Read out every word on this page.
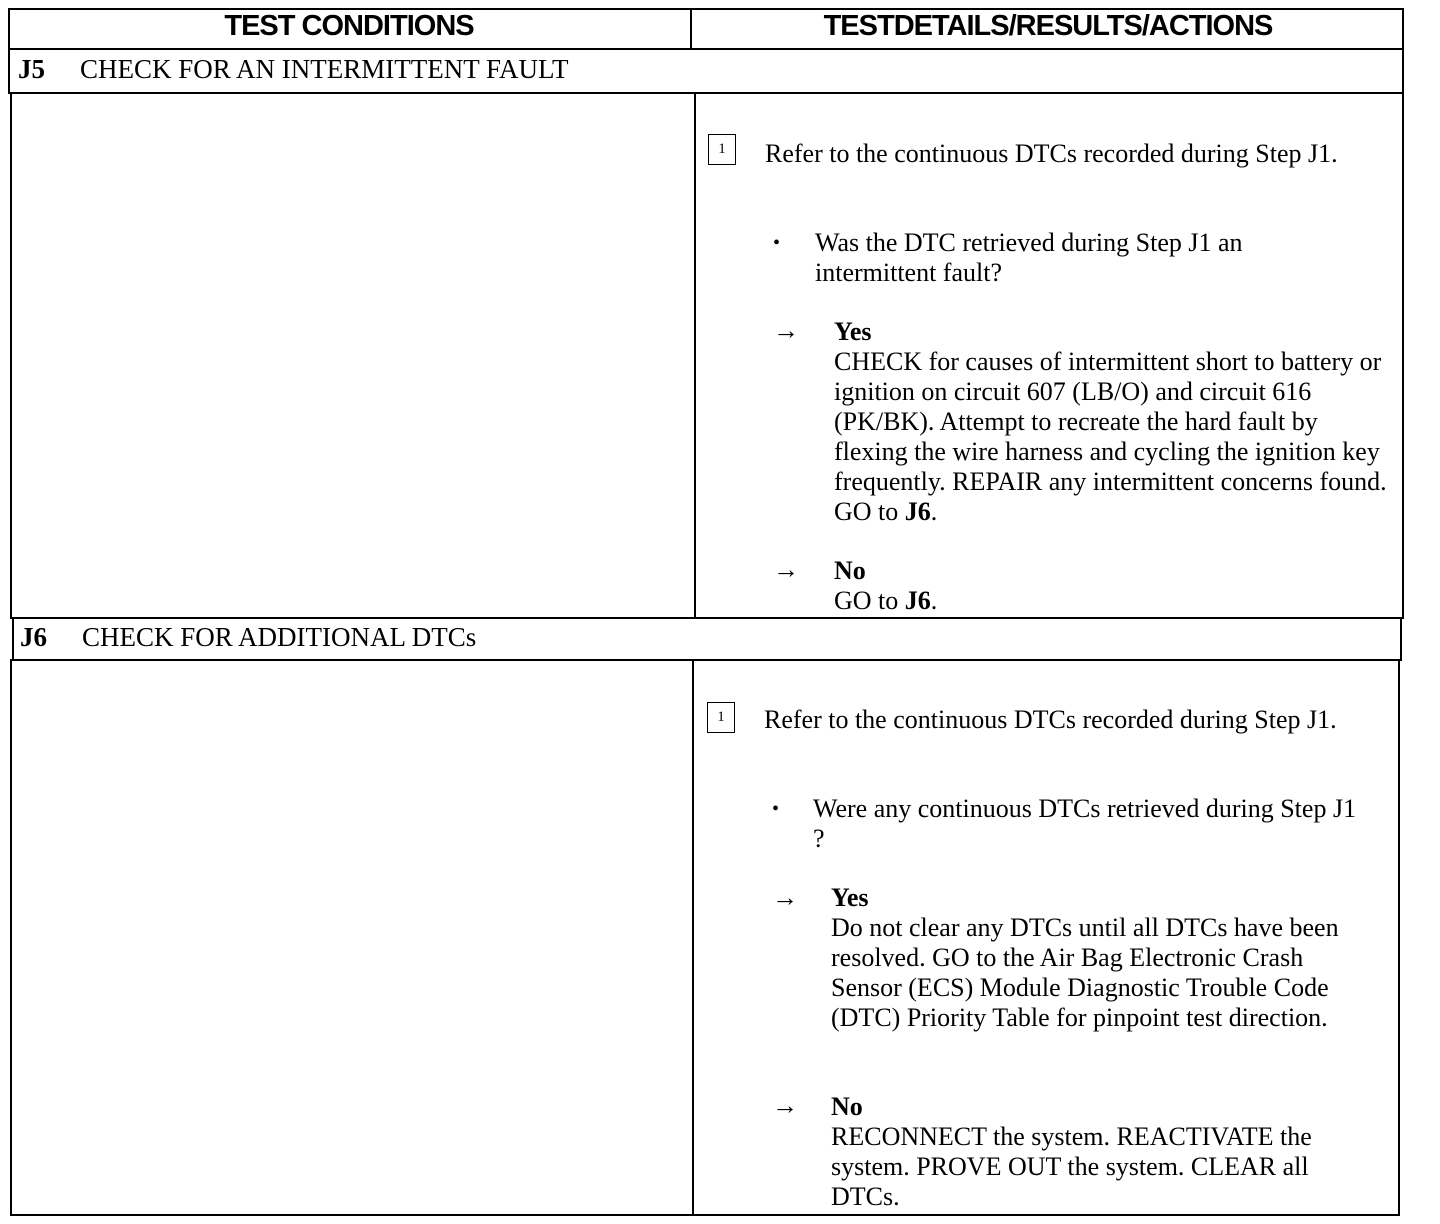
TEST CONDITIONS	TESTDETAILS/RESULTS/ACTIONS
J5 CHECK FOR AN INTERMITTENT FAULT
1	Refer to the continuous DTCs recorded during Step J1.
• Was the DTC retrieved during Step J1 an intermittent fault?
→ Yes
CHECK for causes of intermittent short to battery or ignition on circuit 607 (LB/O) and circuit 616 (PK/BK). Attempt to recreate the hard fault by flexing the wire harness and cycling the ignition key frequently. REPAIR any intermittent concerns found. GO to J6.
→ No
GO to J6.
J6 CHECK FOR ADDITIONAL DTCs
1	Refer to the continuous DTCs recorded during Step J1.
• Were any continuous DTCs retrieved during Step J1 ?
→ Yes
Do not clear any DTCs until all DTCs have been resolved. GO to the Air Bag Electronic Crash Sensor (ECS) Module Diagnostic Trouble Code (DTC) Priority Table for pinpoint test direction.
→ No
RECONNECT the system. REACTIVATE the system. PROVE OUT the system. CLEAR all DTCs.
